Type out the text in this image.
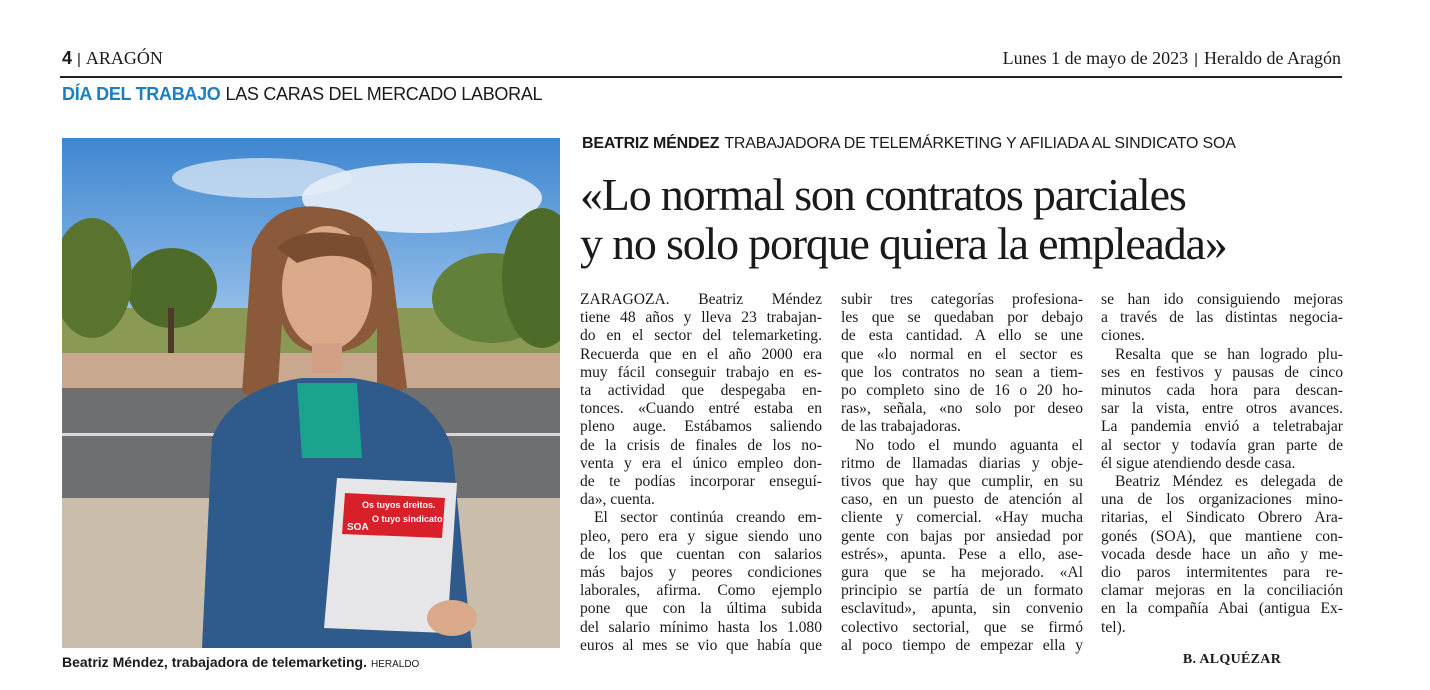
4 | ARAGÓN	Lunes 1 de mayo de 2023 | Heraldo de Aragón
DÍA DEL TRABAJO LAS CARAS DEL MERCADO LABORAL
Os tuyos dreitos.
O tuyo sindicato
SOA
Beatriz Méndez, trabajadora de telemarketing. HERALDO
BEATRIZ MÉNDEZ TRABAJADORA DE TELEMÁRKETING Y AFILIADA AL SINDICATO SOA
«Lo normal son contratos parciales
y no solo porque quiera la empleada»
ZARAGOZA. Beatriz Méndez
tiene 48 años y lleva 23 trabajan-
do en el sector del telemarketing.
Recuerda que en el año 2000 era
muy fácil conseguir trabajo en es-
ta actividad que despegaba en-
tonces. «Cuando entré estaba en
pleno auge. Estábamos saliendo
de la crisis de finales de los no-
venta y era el único empleo don-
de te podías incorporar enseguí-
da», cuenta.
El sector continúa creando em-
pleo, pero era y sigue siendo uno
de los que cuentan con salarios
más bajos y peores condiciones
laborales, afirma. Como ejemplo
pone que con la última subida
del salario mínimo hasta los 1.080
euros al mes se vio que había que
subir tres categorías profesiona-
les que se quedaban por debajo
de esta cantidad. A ello se une
que «lo normal en el sector es
que los contratos no sean a tiem-
po completo sino de 16 o 20 ho-
ras», señala, «no solo por deseo
de las trabajadoras.
No todo el mundo aguanta el
ritmo de llamadas diarias y obje-
tivos que hay que cumplir, en su
caso, en un puesto de atención al
cliente y comercial. «Hay mucha
gente con bajas por ansiedad por
estrés», apunta. Pese a ello, ase-
gura que se ha mejorado. «Al
principio se partía de un formato
esclavitud», apunta, sin convenio
colectivo sectorial, que se firmó
al poco tiempo de empezar ella y
se han ido consiguiendo mejoras
a través de las distintas negocia-
ciones.
Resalta que se han logrado plu-
ses en festivos y pausas de cinco
minutos cada hora para descan-
sar la vista, entre otros avances.
La pandemia envió a teletrabajar
al sector y todavía gran parte de
él sigue atendiendo desde casa.
Beatriz Méndez es delegada de
una de los organizaciones mino-
ritarias, el Sindicato Obrero Ara-
gonés (SOA), que mantiene con-
vocada desde hace un año y me-
dio paros intermitentes para re-
clamar mejoras en la conciliación
en la compañía Abai (antigua Ex-
tel).
B. ALQUÉZAR
